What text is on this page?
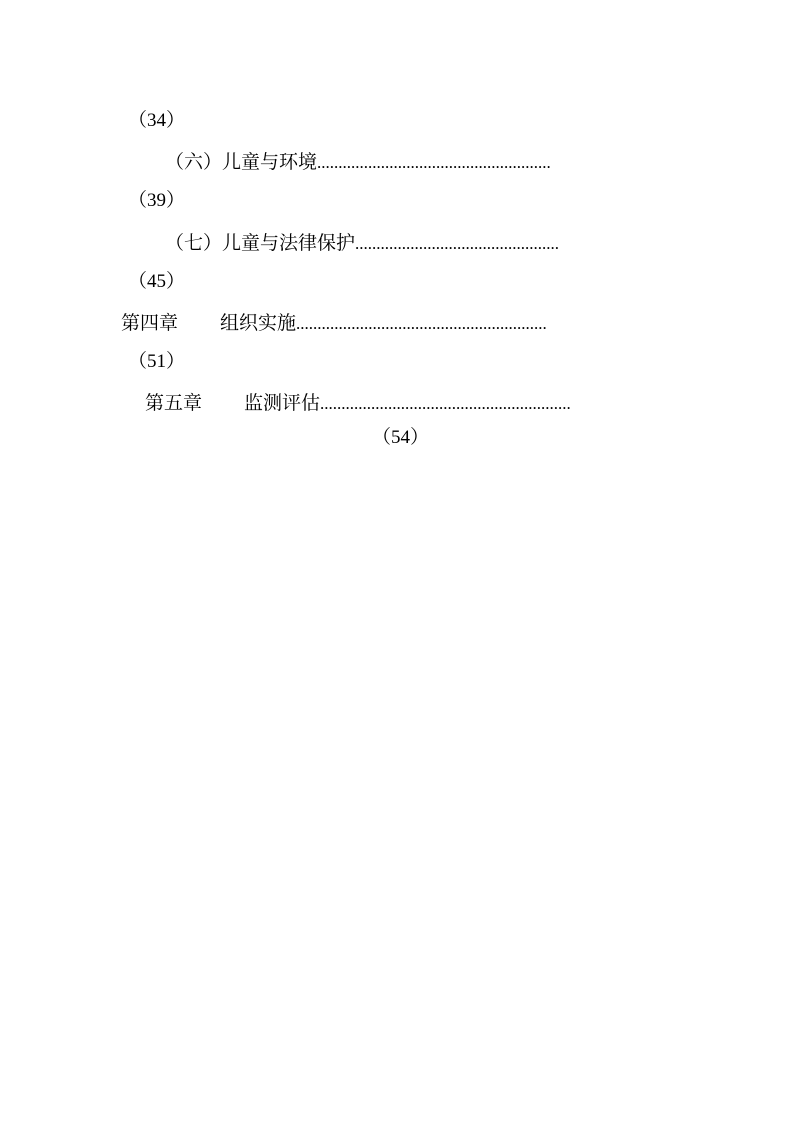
（34）
（六）儿童与环境 .......................................................
（39）
（七）儿童与法律保护 ................................................
（45）
第四章 组织实施 ...........................................................
（51）
第五章 监测评估 ...........................................................
（54）
